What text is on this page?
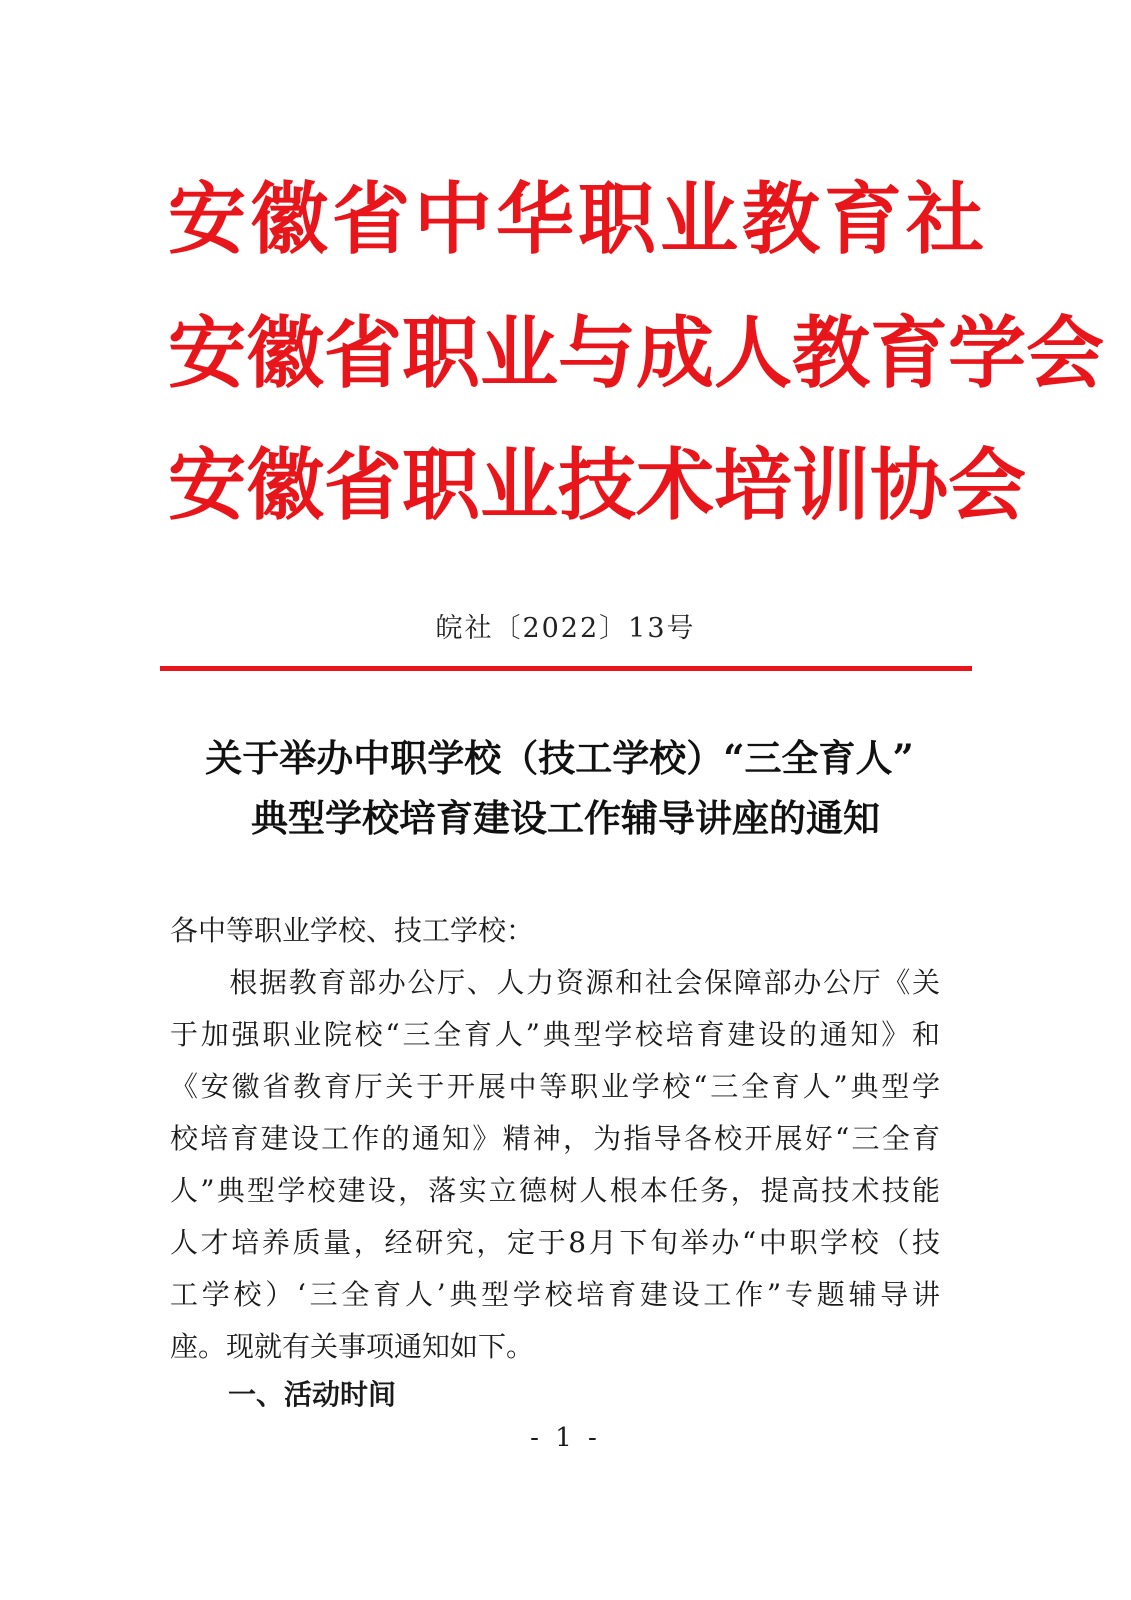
安徽省中华职业教育社
安徽省职业与成人教育学会
安徽省职业技术培训协会
皖社〔2022〕13号
关于举办中职学校（技工学校）“三全育人”
典型学校培育建设工作辅导讲座的通知
各中等职业学校、技工学校：
　　根据教育部办公厅、人力资源和社会保障部办公厅《关
于加强职业院校“三全育人”典型学校培育建设的通知》和
《安徽省教育厅关于开展中等职业学校“三全育人”典型学
校培育建设工作的通知》精神，为指导各校开展好“三全育
人”典型学校建设，落实立德树人根本任务，提高技术技能
人才培养质量，经研究，定于8月下旬举办“中职学校（技
工学校）‘三全育人’典型学校培育建设工作”专题辅导讲
座。现就有关事项通知如下。
一、活动时间
- 1 -
